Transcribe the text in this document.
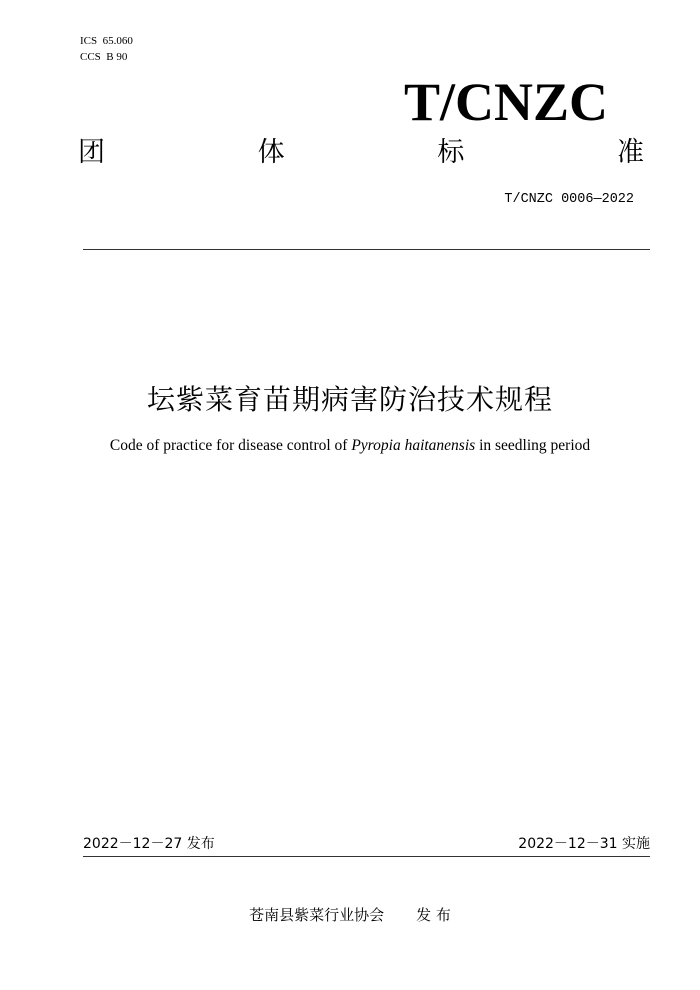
ICS  65.060
CCS  B 90
T/CNZC
团	体	标	准
T/CNZC 0006—2022
坛紫菜育苗期病害防治技术规程
Code of practice for disease control of Pyropia haitanensis in seedling period
2022－12－27 发布	2022－12－31 实施
苍南县紫菜行业协会 发 布
